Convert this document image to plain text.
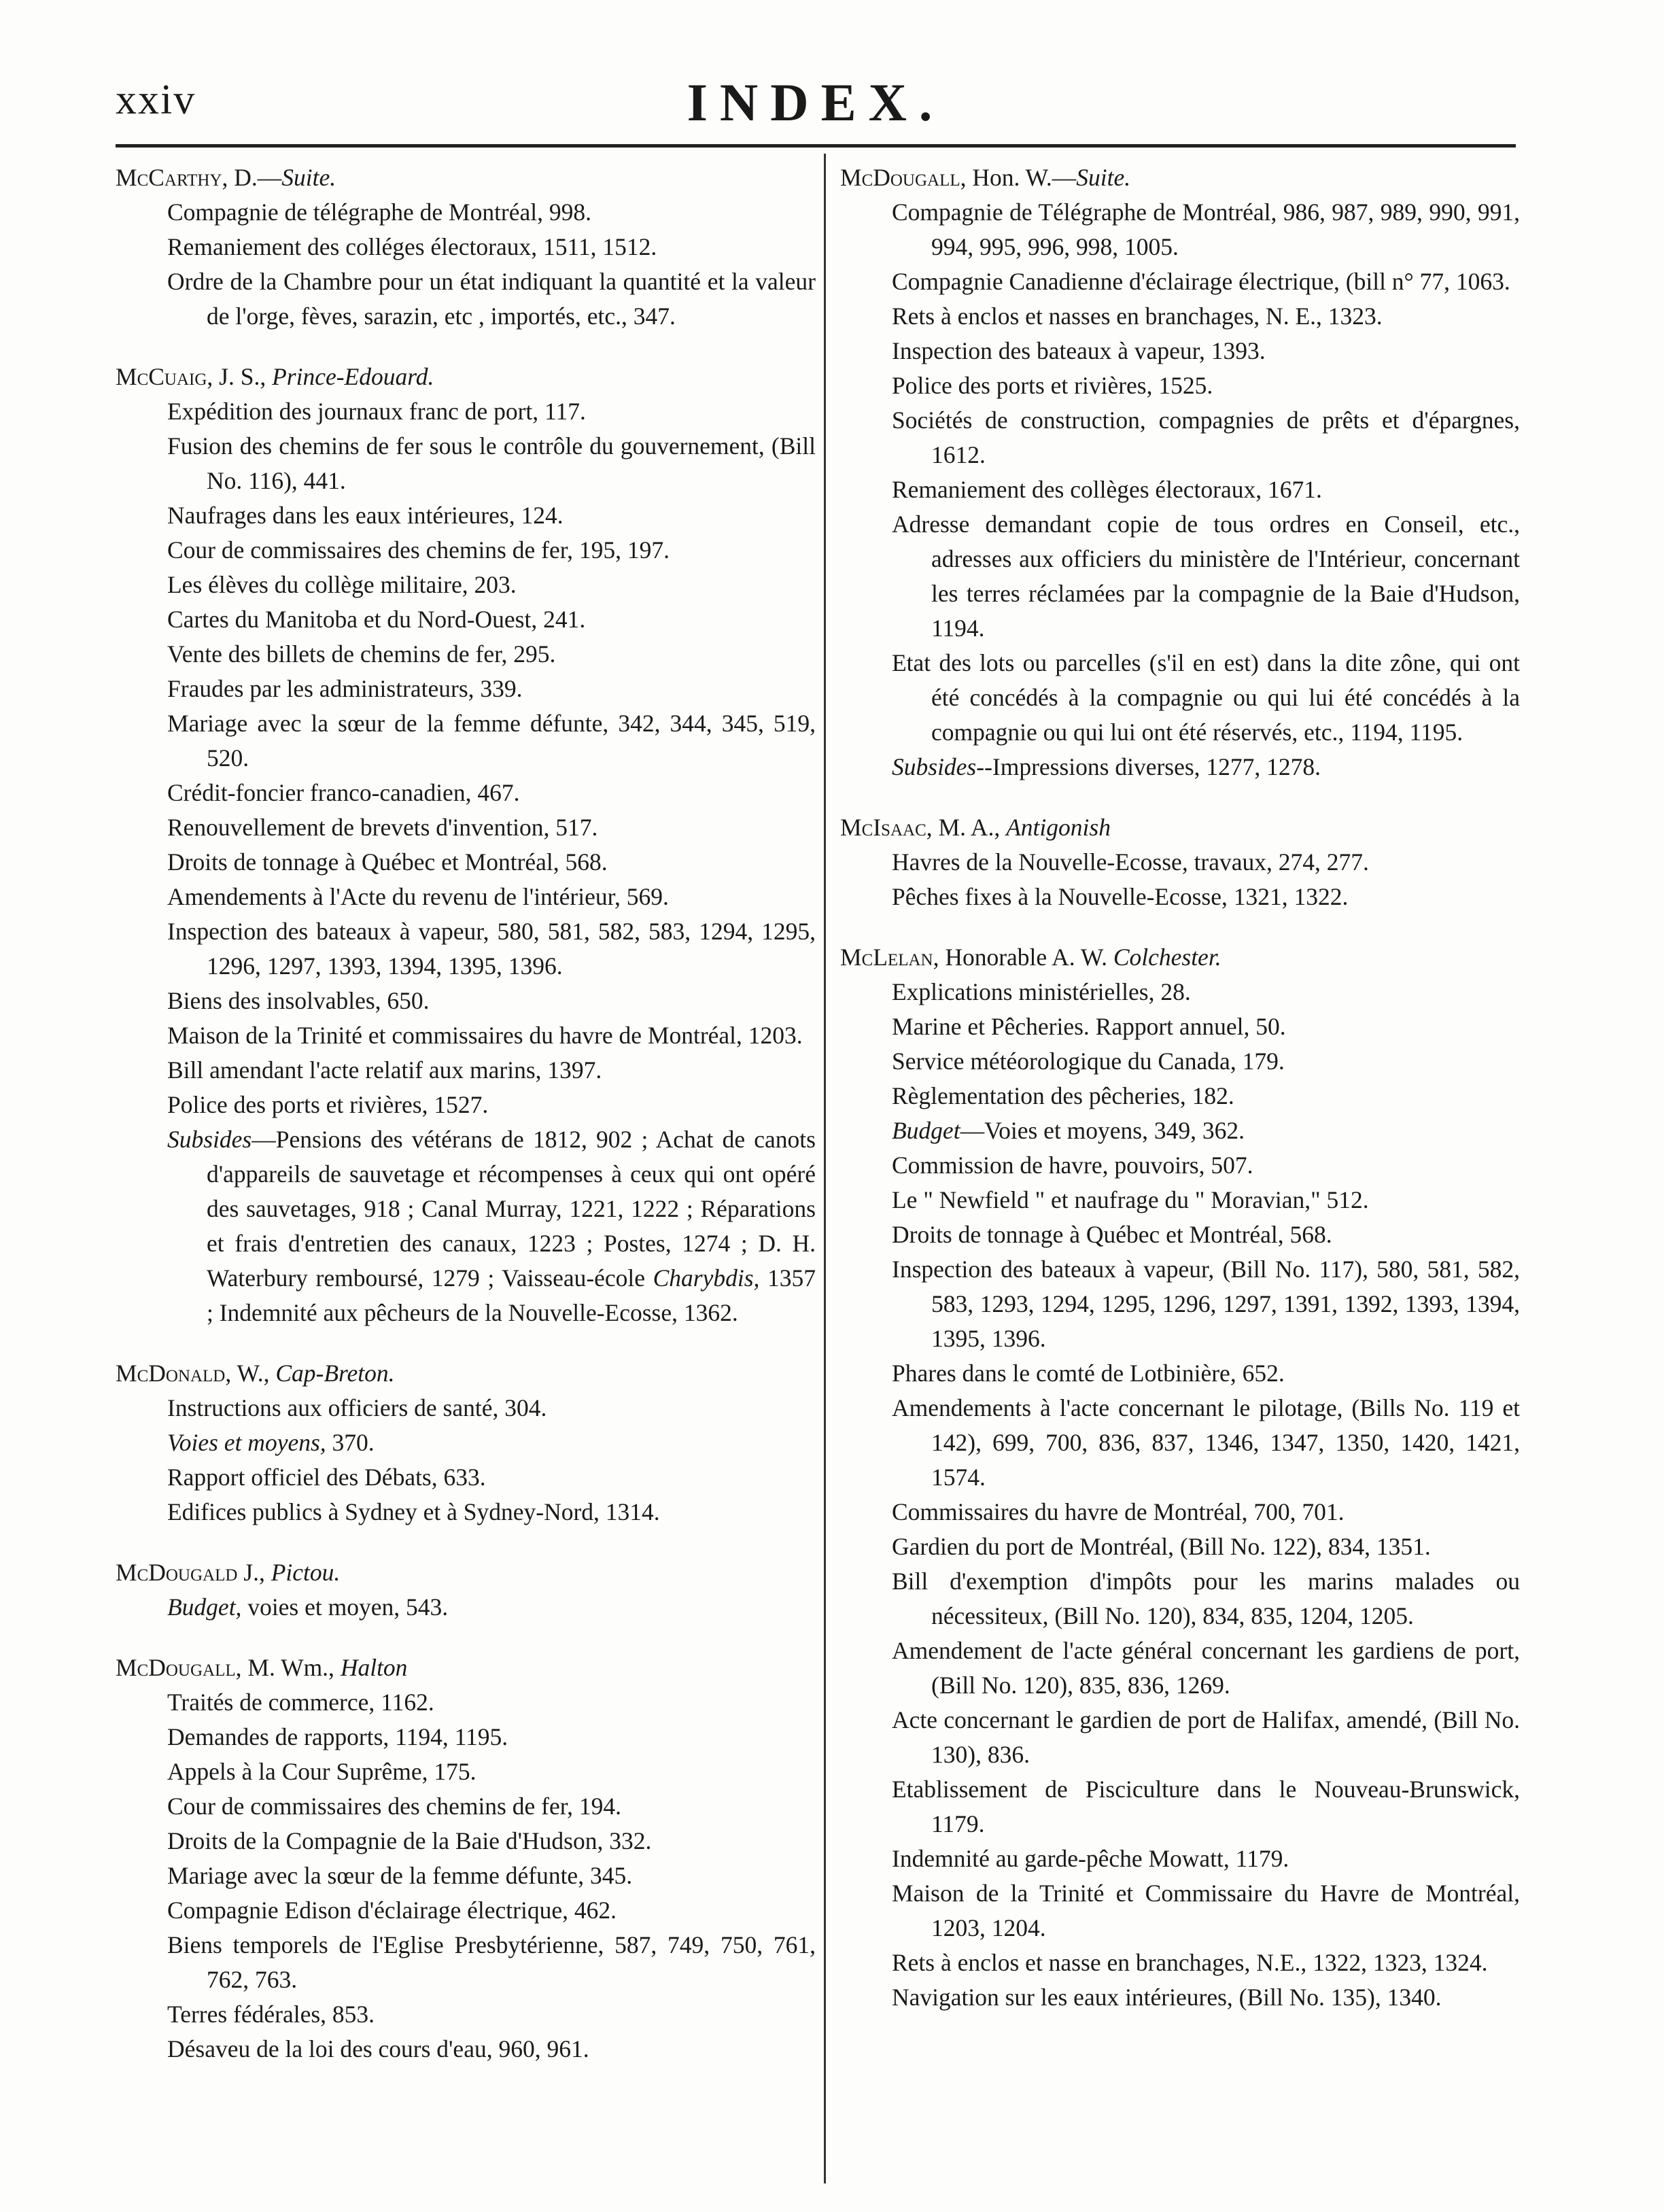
xxiv	INDEX.
McCarthy, D.—Suite.
Compagnie de télégraphe de Montréal, 998.
Remaniement des colléges électoraux, 1511, 1512.
Ordre de la Chambre pour un état indiquant la quantité et la valeur de l'orge, fèves, sarazin, etc , importés, etc., 347.
McCuaig, J. S., Prince-Edouard.
Expédition des journaux franc de port, 117.
Fusion des chemins de fer sous le contrôle du gouvernement, (Bill No. 116), 441.
Naufrages dans les eaux intérieures, 124.
Cour de commissaires des chemins de fer, 195, 197.
Les élèves du collège militaire, 203.
Cartes du Manitoba et du Nord-Ouest, 241.
Vente des billets de chemins de fer, 295.
Fraudes par les administrateurs, 339.
Mariage avec la sœur de la femme défunte, 342, 344, 345, 519, 520.
Crédit-foncier franco-canadien, 467.
Renouvellement de brevets d'invention, 517.
Droits de tonnage à Québec et Montréal, 568.
Amendements à l'Acte du revenu de l'intérieur, 569.
Inspection des bateaux à vapeur, 580, 581, 582, 583, 1294, 1295, 1296, 1297, 1393, 1394, 1395, 1396.
Biens des insolvables, 650.
Maison de la Trinité et commissaires du havre de Montréal, 1203.
Bill amendant l'acte relatif aux marins, 1397.
Police des ports et rivières, 1527.
Subsides—Pensions des vétérans de 1812, 902 ; Achat de canots d'appareils de sauvetage et récompenses à ceux qui ont opéré des sauvetages, 918 ; Canal Murray, 1221, 1222 ; Réparations et frais d'entretien des canaux, 1223 ; Postes, 1274 ; D. H. Waterbury remboursé, 1279 ; Vaisseau-école Charybdis, 1357 ; Indemnité aux pêcheurs de la Nouvelle-Ecosse, 1362.
McDonald, W., Cap-Breton.
Instructions aux officiers de santé, 304.
Voies et moyens, 370.
Rapport officiel des Débats, 633.
Edifices publics à Sydney et à Sydney-Nord, 1314.
McDougald J., Pictou.
Budget, voies et moyen, 543.
McDougall, M. Wm., Halton
Traités de commerce, 1162.
Demandes de rapports, 1194, 1195.
Appels à la Cour Suprême, 175.
Cour de commissaires des chemins de fer, 194.
Droits de la Compagnie de la Baie d'Hudson, 332.
Mariage avec la sœur de la femme défunte, 345.
Compagnie Edison d'éclairage électrique, 462.
Biens temporels de l'Eglise Presbytérienne, 587, 749, 750, 761, 762, 763.
Terres fédérales, 853.
Désaveu de la loi des cours d'eau, 960, 961.
McDougall, Hon. W.—Suite.
Compagnie de Télégraphe de Montréal, 986, 987, 989, 990, 991, 994, 995, 996, 998, 1005.
Compagnie Canadienne d'éclairage électrique, (bill n° 77, 1063.
Rets à enclos et nasses en branchages, N. E., 1323.
Inspection des bateaux à vapeur, 1393.
Police des ports et rivières, 1525.
Sociétés de construction, compagnies de prêts et d'épargnes, 1612.
Remaniement des collèges électoraux, 1671.
Adresse demandant copie de tous ordres en Conseil, etc., adresses aux officiers du ministère de l'Intérieur, concernant les terres réclamées par la compagnie de la Baie d'Hudson, 1194.
Etat des lots ou parcelles (s'il en est) dans la dite zône, qui ont été concédés à la compagnie ou qui lui été concédés à la compagnie ou qui lui ont été réservés, etc., 1194, 1195.
Subsides--Impressions diverses, 1277, 1278.
McIsaac, M. A., Antigonish
Havres de la Nouvelle-Ecosse, travaux, 274, 277.
Pêches fixes à la Nouvelle-Ecosse, 1321, 1322.
McLelan, Honorable A. W. Colchester.
Explications ministérielles, 28.
Marine et Pêcheries. Rapport annuel, 50.
Service météorologique du Canada, 179.
Règlementation des pêcheries, 182.
Budget—Voies et moyens, 349, 362.
Commission de havre, pouvoirs, 507.
Le " Newfield " et naufrage du " Moravian," 512.
Droits de tonnage à Québec et Montréal, 568.
Inspection des bateaux à vapeur, (Bill No. 117), 580, 581, 582, 583, 1293, 1294, 1295, 1296, 1297, 1391, 1392, 1393, 1394, 1395, 1396.
Phares dans le comté de Lotbinière, 652.
Amendements à l'acte concernant le pilotage, (Bills No. 119 et 142), 699, 700, 836, 837, 1346, 1347, 1350, 1420, 1421, 1574.
Commissaires du havre de Montréal, 700, 701.
Gardien du port de Montréal, (Bill No. 122), 834, 1351.
Bill d'exemption d'impôts pour les marins malades ou nécessiteux, (Bill No. 120), 834, 835, 1204, 1205.
Amendement de l'acte général concernant les gardiens de port, (Bill No. 120), 835, 836, 1269.
Acte concernant le gardien de port de Halifax, amendé, (Bill No. 130), 836.
Etablissement de Pisciculture dans le Nouveau-Brunswick, 1179.
Indemnité au garde-pêche Mowatt, 1179.
Maison de la Trinité et Commissaire du Havre de Montréal, 1203, 1204.
Rets à enclos et nasse en branchages, N.E., 1322, 1323, 1324.
Navigation sur les eaux intérieures, (Bill No. 135), 1340.
